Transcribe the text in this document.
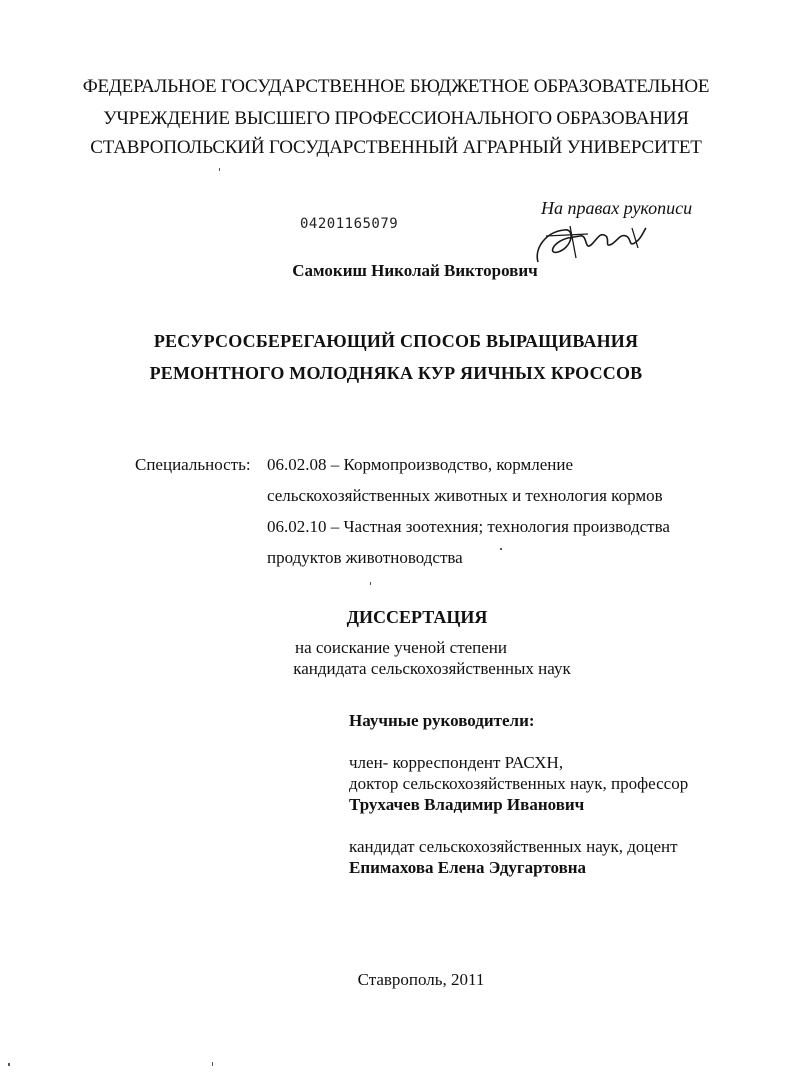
ФЕДЕРАЛЬНОЕ ГОСУДАРСТВЕННОЕ БЮДЖЕТНОЕ ОБРАЗОВАТЕЛЬНОЕ
УЧРЕЖДЕНИЕ ВЫСШЕГО ПРОФЕССИОНАЛЬНОГО ОБРАЗОВАНИЯ
СТАВРОПОЛЬСКИЙ ГОСУДАРСТВЕННЫЙ АГРАРНЫЙ УНИВЕРСИТЕТ
На правах рукописи
04201165079
Самокиш Николай Викторович
РЕСУРСОСБЕРЕГАЮЩИЙ СПОСОБ ВЫРАЩИВАНИЯ
РЕМОНТНОГО МОЛОДНЯКА КУР ЯИЧНЫХ КРОССОВ
Специальность: 06.02.08 – Кормопроизводство, кормление
сельскохозяйственных животных и технология кормов
06.02.10 – Частная зоотехния; технология производства
продуктов животноводства
ДИССЕРТАЦИЯ
на соискание ученой степени
кандидата сельскохозяйственных наук
Научные руководители:
член- корреспондент РАСХН,
доктор сельскохозяйственных наук, профессор
Трухачев Владимир Иванович
кандидат сельскохозяйственных наук, доцент
Епимахова Елена Эдугартовна
Ставрополь, 2011
